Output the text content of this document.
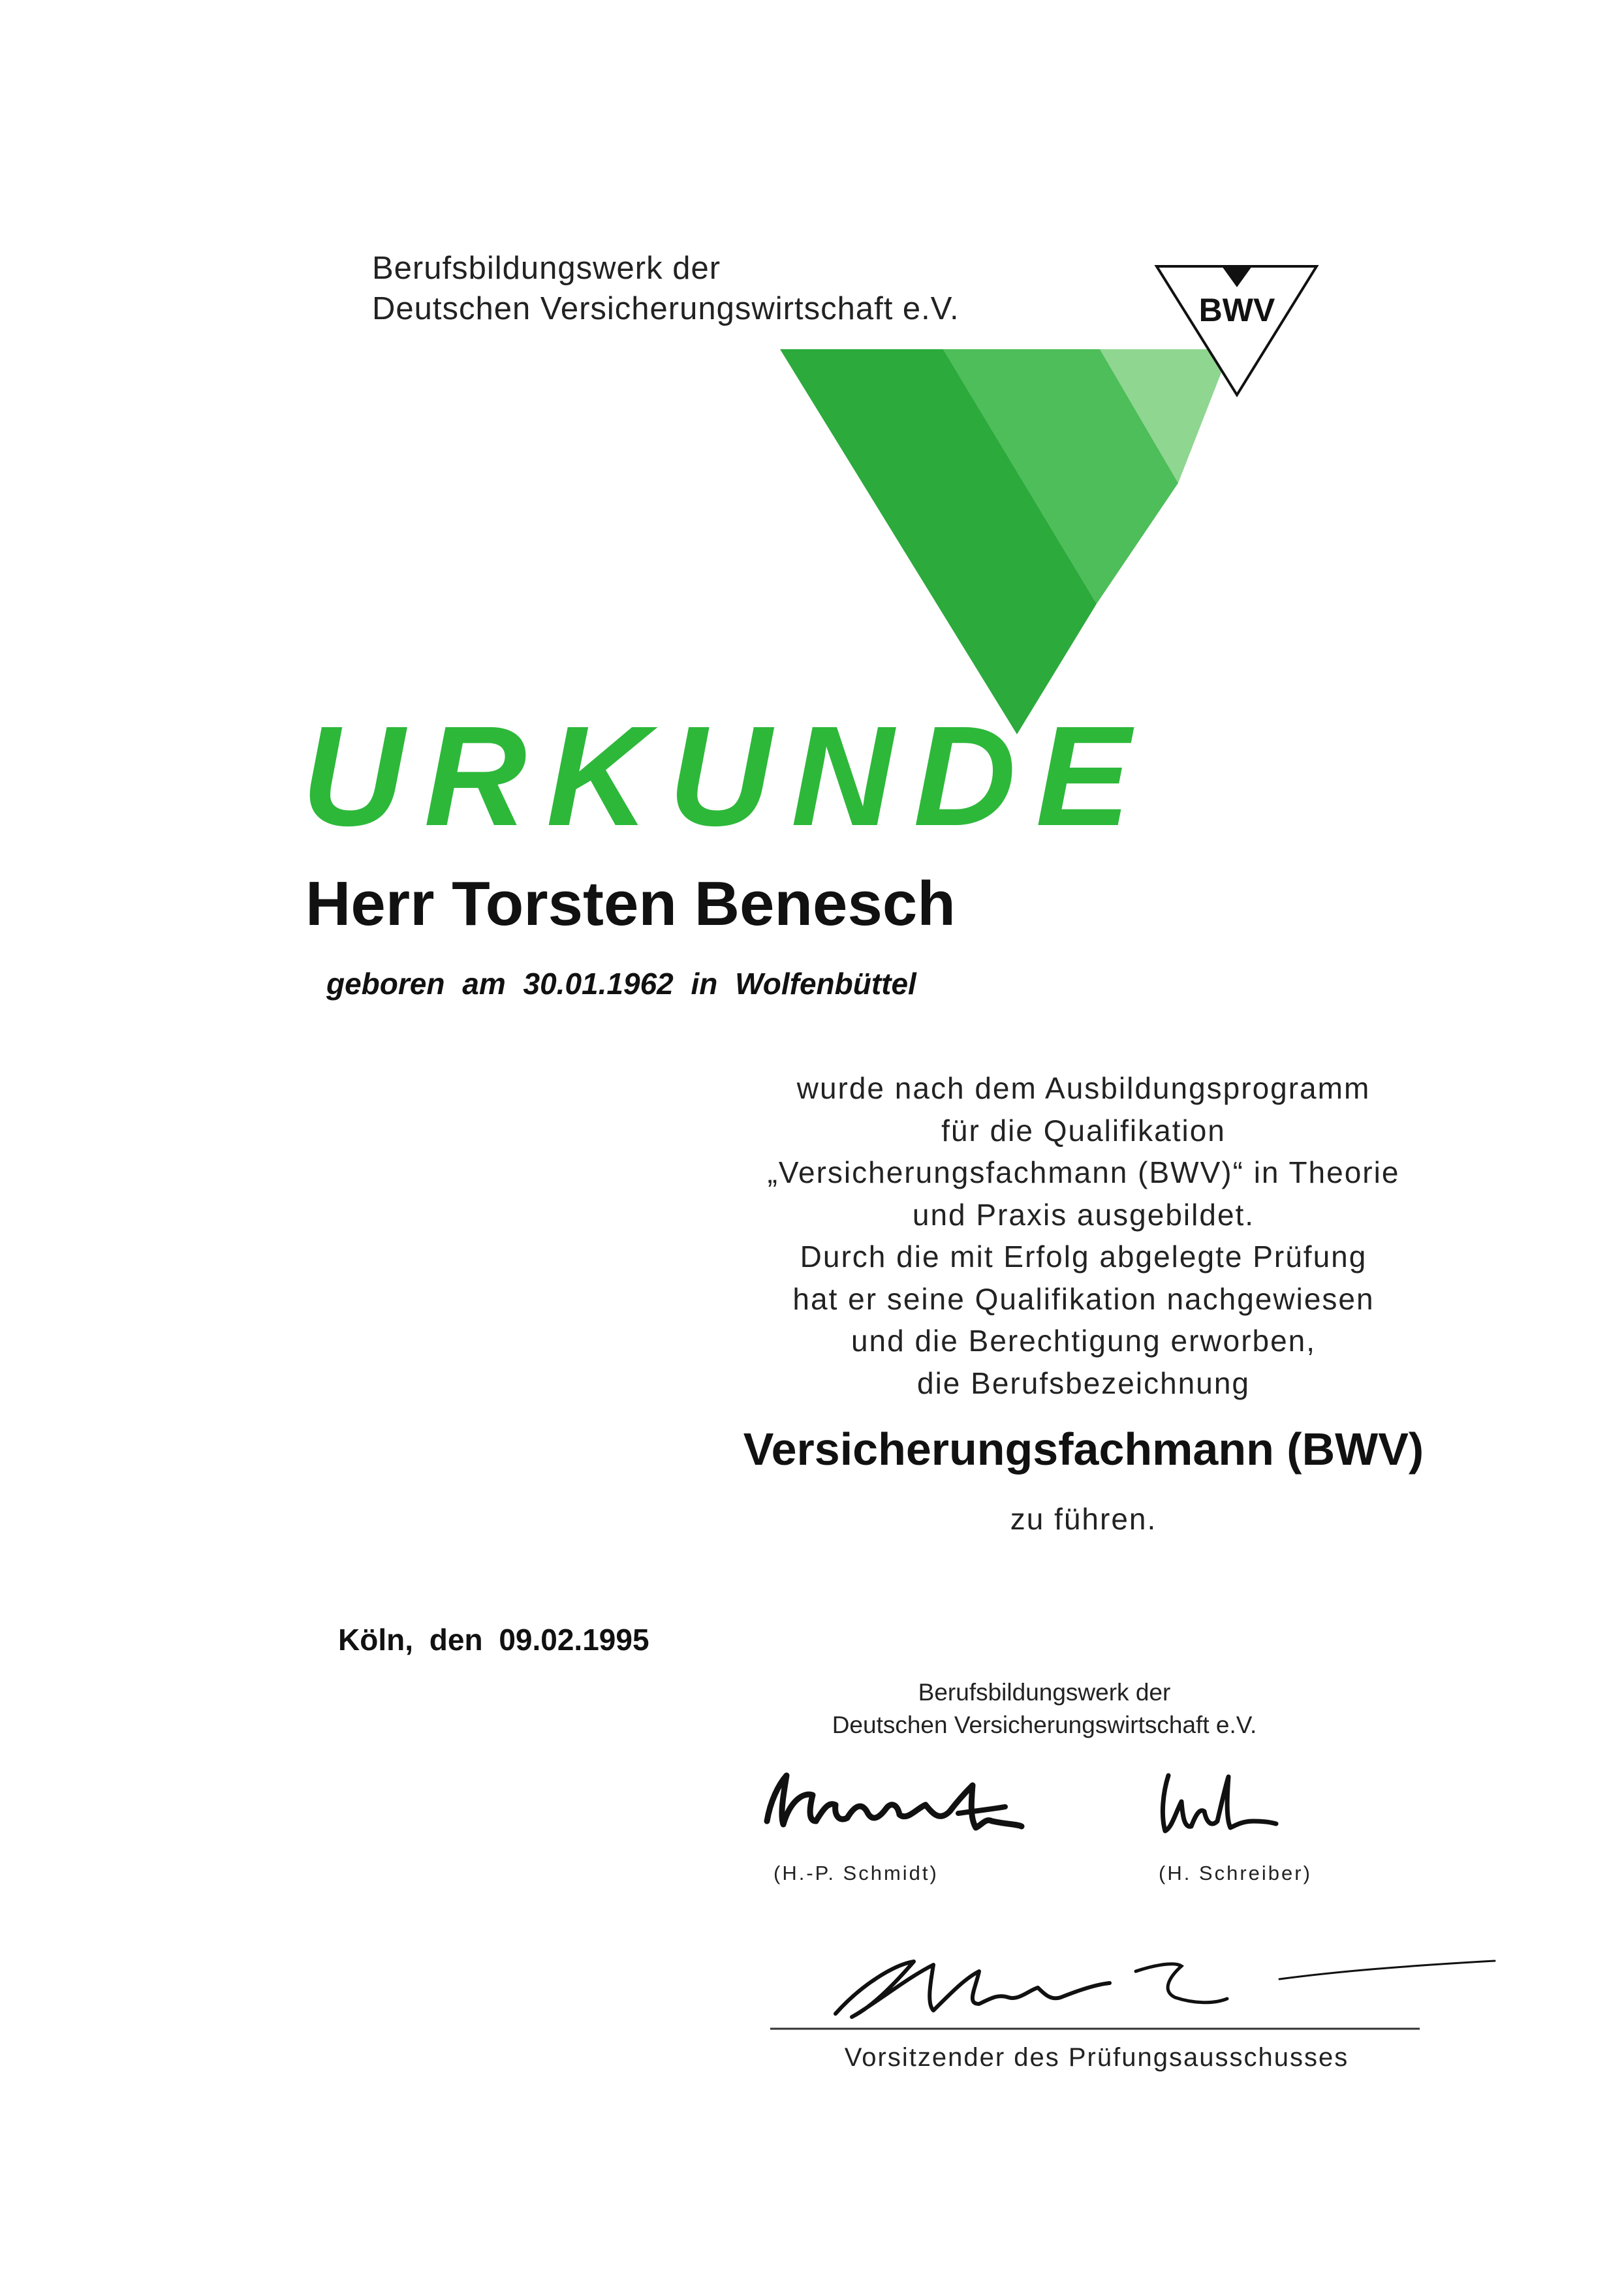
Berufsbildungswerk der
Deutschen Versicherungswirtschaft e.V.	BWV
URKUNDE
Herr Torsten Benesch
geboren am 30.01.1962 in Wolfenbüttel
wurde nach dem Ausbildungsprogramm
für die Qualifikation
„Versicherungsfachmann (BWV)“ in Theorie
und Praxis ausgebildet.
Durch die mit Erfolg abgelegte Prüfung
hat er seine Qualifikation nachgewiesen
und die Berechtigung erworben,
die Berufsbezeichnung
Versicherungsfachmann (BWV)
zu führen.
Köln, den 09.02.1995
Berufsbildungswerk der
Deutschen Versicherungswirtschaft e.V.
(H.-P. Schmidt)	(H. Schreiber)
Vorsitzender des Prüfungsausschusses
